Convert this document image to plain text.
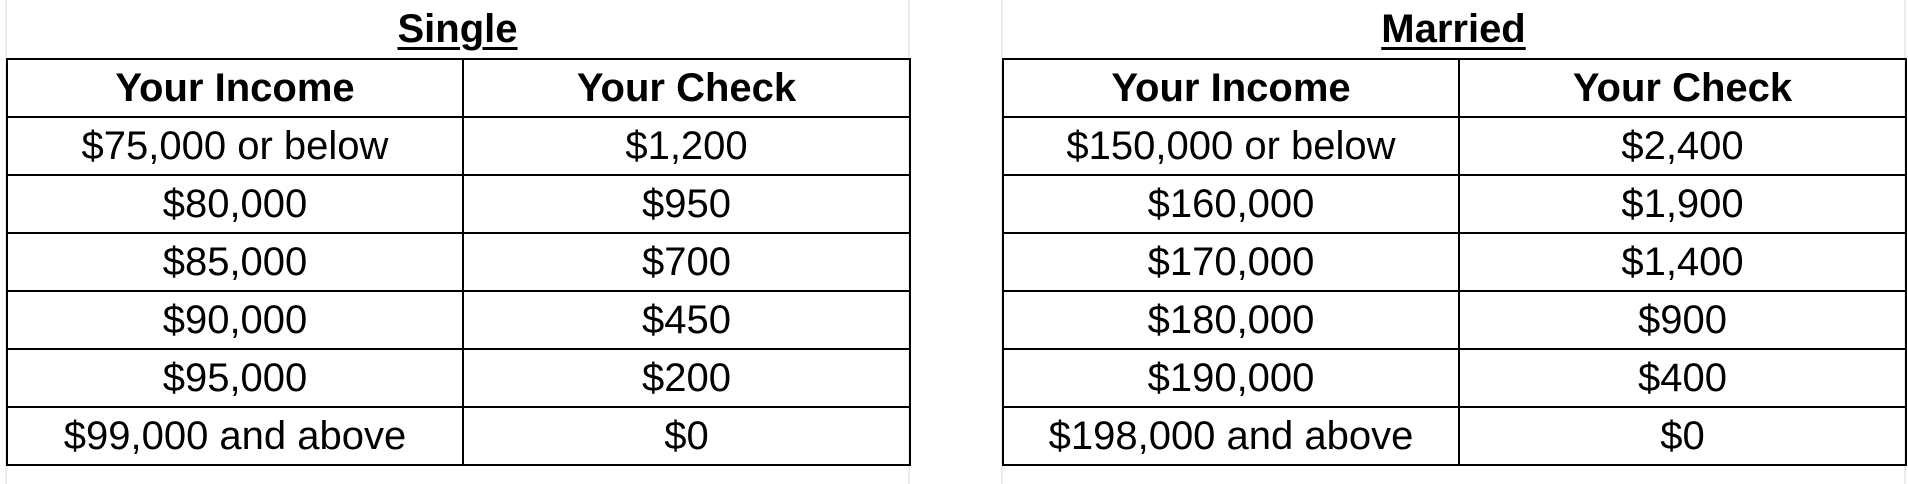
Single
Your Income	Your Check
$75,000 or below	$1,200
$80,000	$950
$85,000	$700
$90,000	$450
$95,000	$200
$99,000 and above	$0
Married
Your Income	Your Check
$150,000 or below	$2,400
$160,000	$1,900
$170,000	$1,400
$180,000	$900
$190,000	$400
$198,000 and above	$0
